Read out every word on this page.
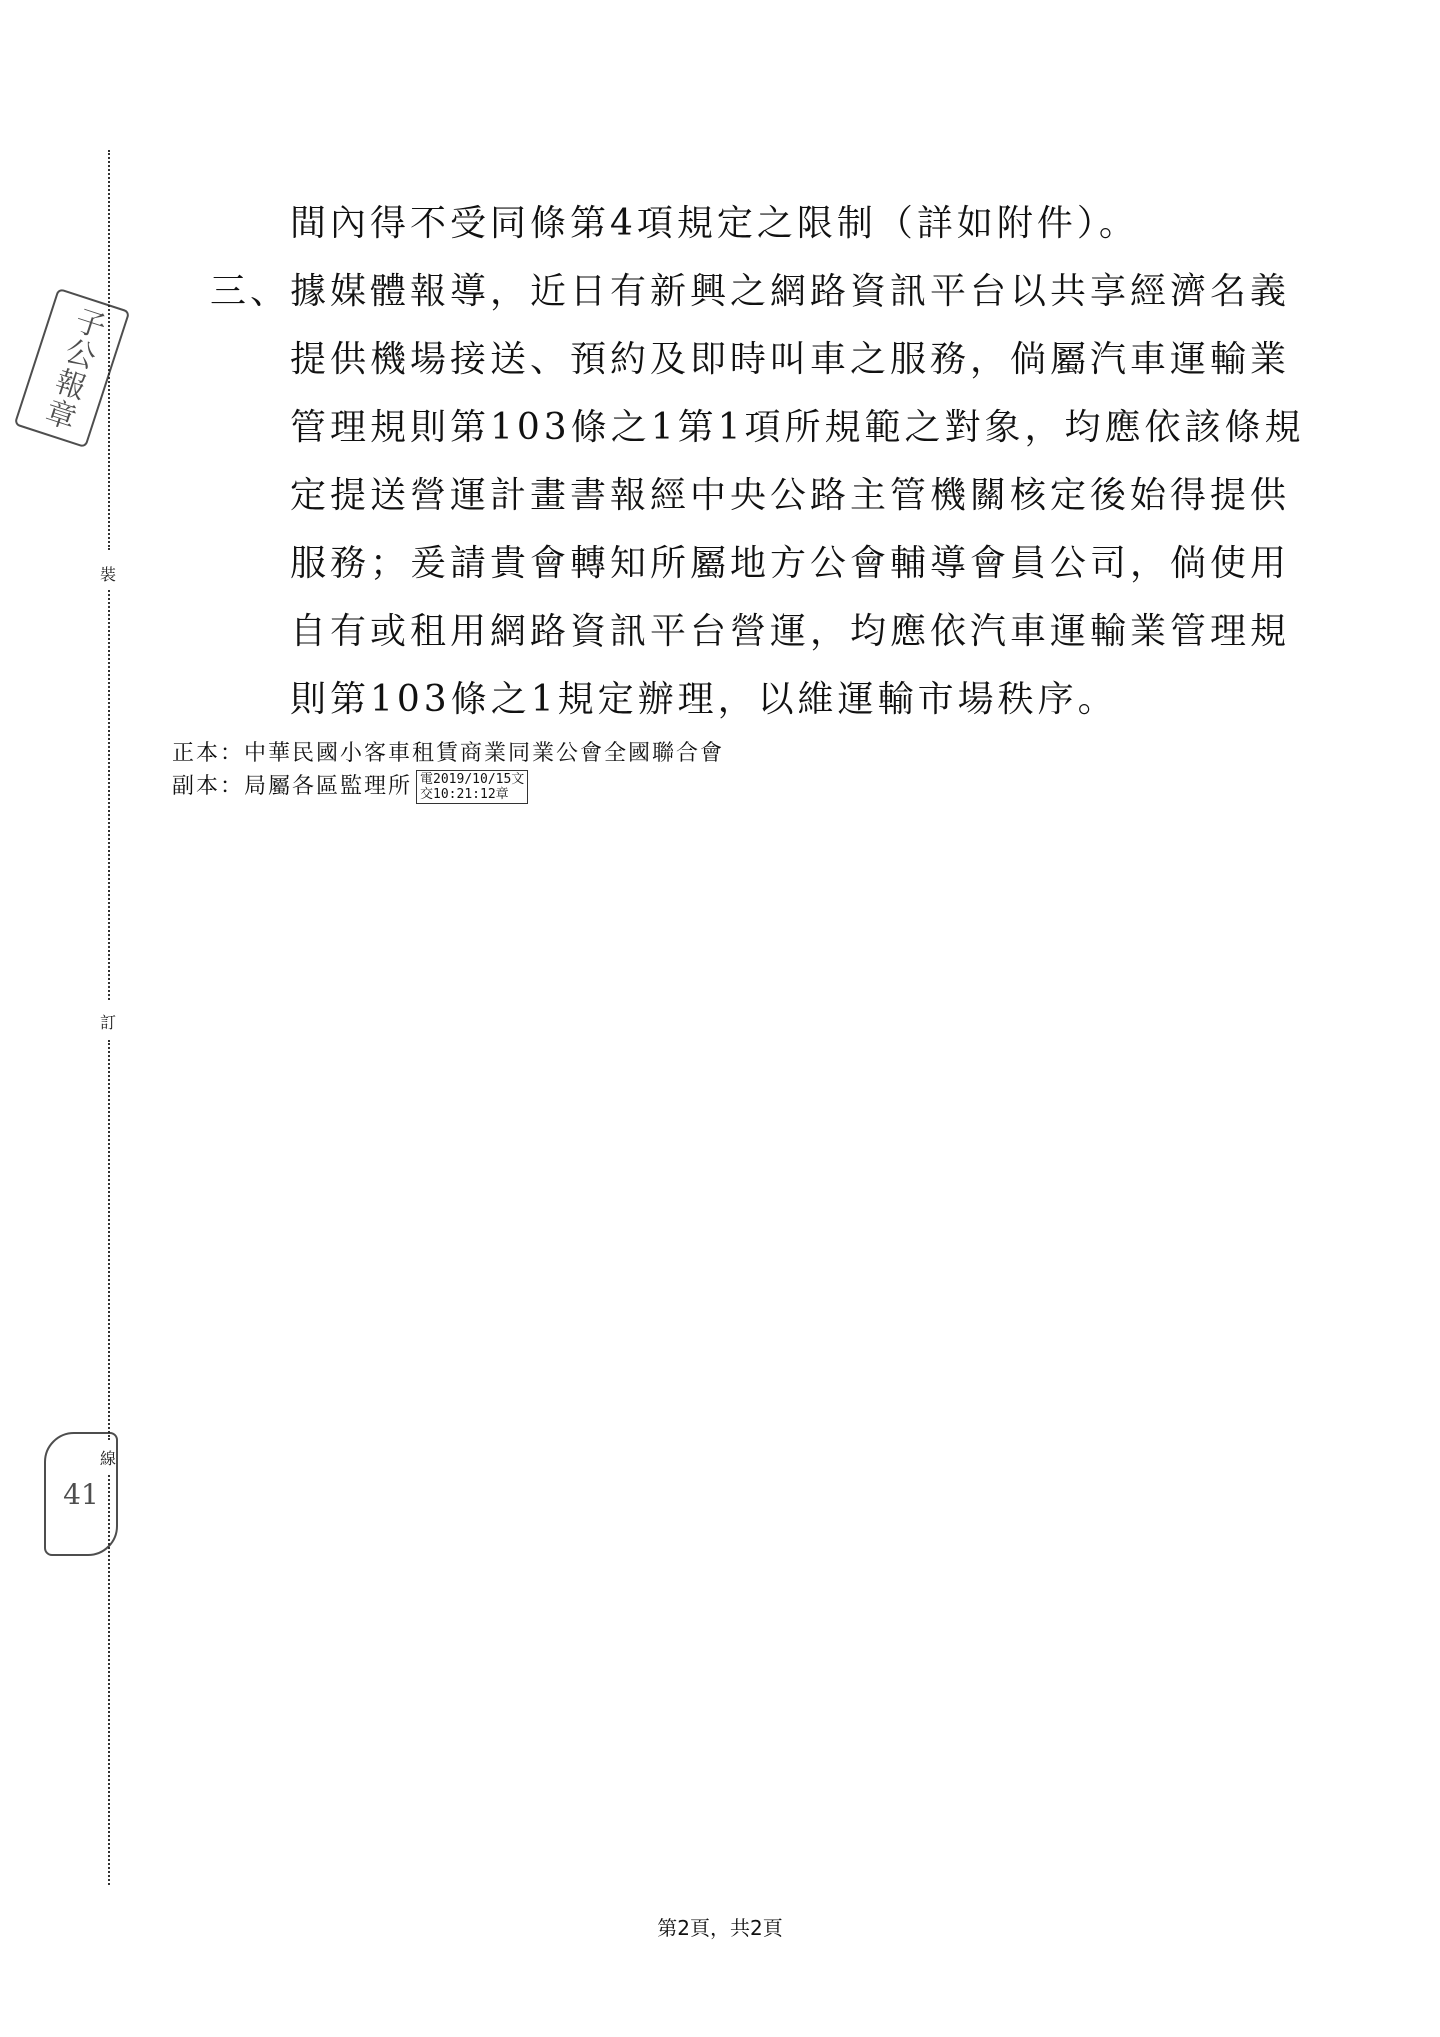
裝
訂
線
子公報章
41
間內得不受同條第4項規定之限制（詳如附件）。
三、據媒體報導，近日有新興之網路資訊平台以共享經濟名義
提供機場接送、預約及即時叫車之服務，倘屬汽車運輸業
管理規則第103條之1第1項所規範之對象，均應依該條規
定提送營運計畫書報經中央公路主管機關核定後始得提供
服務；爰請貴會轉知所屬地方公會輔導會員公司，倘使用
自有或租用網路資訊平台營運，均應依汽車運輸業管理規
則第103條之1規定辦理，以維運輸市場秩序。
正本： 中華民國小客車租賃商業同業公會全國聯合會
副本： 局屬各區監理所 電2019/10/15文
交10:21:12章
第2頁，共2頁
